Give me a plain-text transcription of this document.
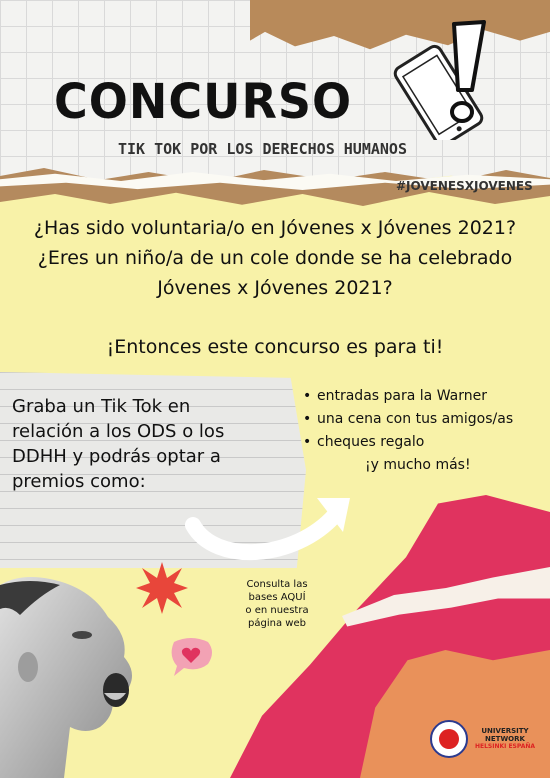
CONCURSO
TIK TOK POR LOS DERECHOS HUMANOS
#JOVENESXJOVENES
¿Has sido voluntaria/o en Jóvenes x Jóvenes 2021?
¿Eres un niño/a de un cole donde se ha celebrado
Jóvenes x Jóvenes 2021?
¡Entonces este concurso es para ti!
Graba un Tik Tok en
relación a los ODS o los
DDHH y podrás optar a
premios como:
• entradas para la Warner
• una cena con tus amigos/as
• cheques regalo
¡y mucho más!
Consulta las
bases AQUÍ
o en nuestra
página web
UNIVERSITY
NETWORK
HELSINKI ESPAÑA
